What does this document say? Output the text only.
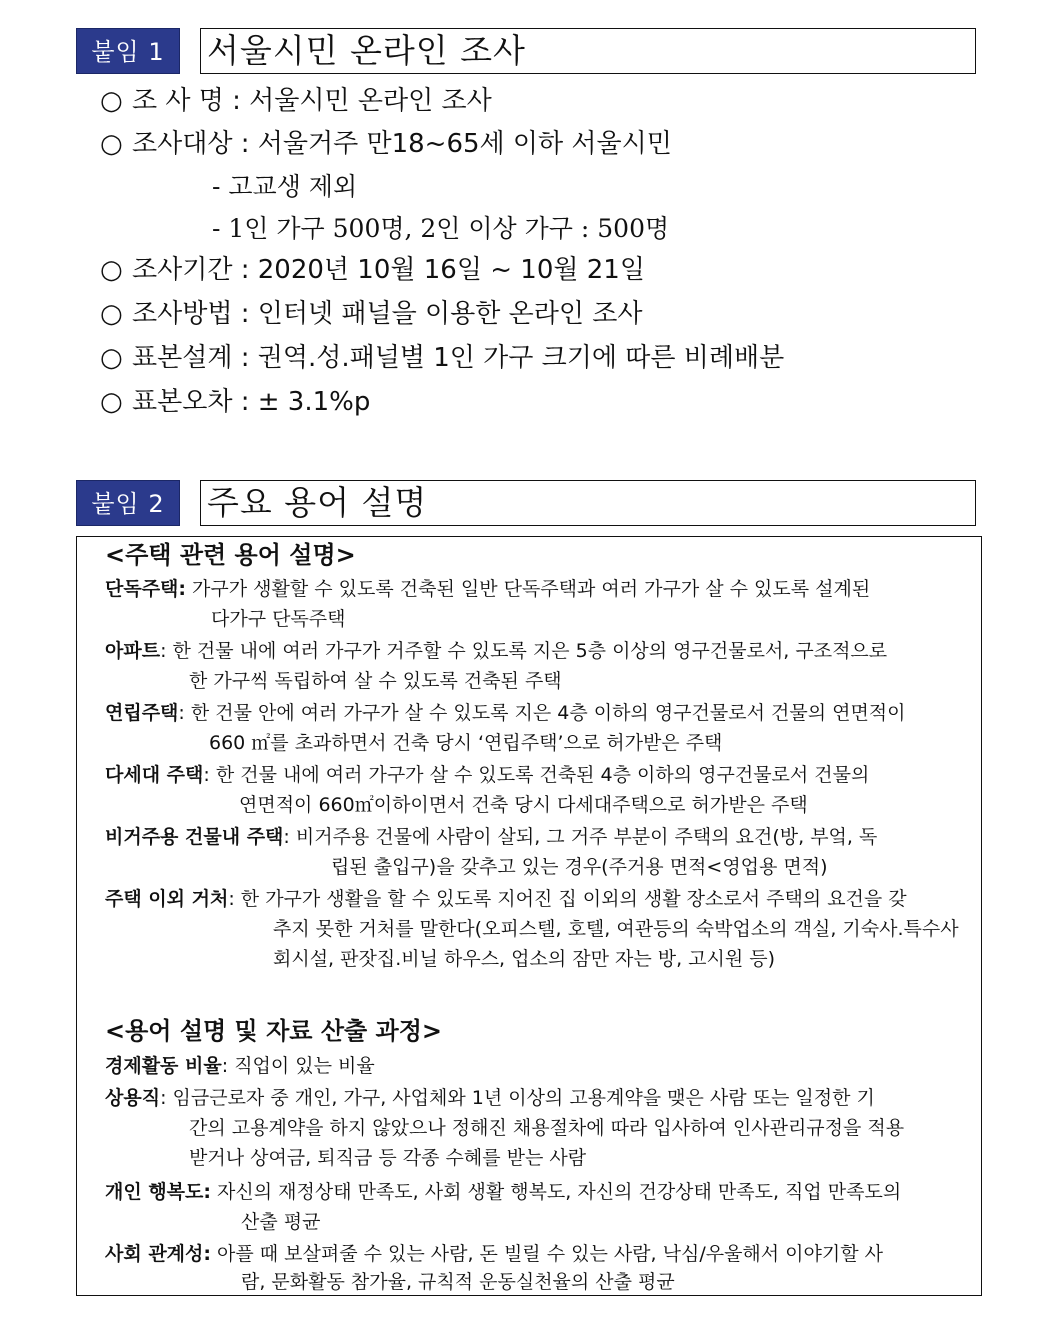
붙임 1	서울시민 온라인 조사
○ 조 사 명 : 서울시민 온라인 조사
○ 조사대상 : 서울거주 만18~65세 이하 서울시민
- 고교생 제외
- 1인 가구 500명, 2인 이상 가구 : 500명
○ 조사기간 : 2020년 10월 16일 ~ 10월 21일
○ 조사방법 : 인터넷 패널을 이용한 온라인 조사
○ 표본설계 : 권역.성.패널별 1인 가구 크기에 따른 비례배분
○ 표본오차 : ± 3.1%p
붙임 2	주요 용어 설명
<주택 관련 용어 설명>
단독주택: 가구가 생활할 수 있도록 건축된 일반 단독주택과 여러 가구가 살 수 있도록 설계된
다가구 단독주택
아파트: 한 건물 내에 여러 가구가 거주할 수 있도록 지은 5층 이상의 영구건물로서, 구조적으로
한 가구씩 독립하여 살 수 있도록 건축된 주택
연립주택: 한 건물 안에 여러 가구가 살 수 있도록 지은 4층 이하의 영구건물로서 건물의 연면적이
660 ㎡를 초과하면서 건축 당시 ‘연립주택’으로 허가받은 주택
다세대 주택: 한 건물 내에 여러 가구가 살 수 있도록 건축된 4층 이하의 영구건물로서 건물의
연면적이 660㎡이하이면서 건축 당시 다세대주택으로 허가받은 주택
비거주용 건물내 주택: 비거주용 건물에 사람이 살되, 그 거주 부분이 주택의 요건(방, 부엌, 독
립된 출입구)을 갖추고 있는 경우(주거용 면적<영업용 면적)
주택 이외 거처: 한 가구가 생활을 할 수 있도록 지어진 집 이외의 생활 장소로서 주택의 요건을 갖
추지 못한 거처를 말한다(오피스텔, 호텔, 여관등의 숙박업소의 객실, 기숙사.특수사
회시설, 판잣집.비닐 하우스, 업소의 잠만 자는 방, 고시원 등)
<용어 설명 및 자료 산출 과정>
경제활동 비율: 직업이 있는 비율
상용직: 임금근로자 중 개인, 가구, 사업체와 1년 이상의 고용계약을 맺은 사람 또는 일정한 기
간의 고용계약을 하지 않았으나 정해진 채용절차에 따라 입사하여 인사관리규정을 적용
받거나 상여금, 퇴직금 등 각종 수혜를 받는 사람
개인 행복도: 자신의 재정상태 만족도, 사회 생활 행복도, 자신의 건강상태 만족도, 직업 만족도의
산출 평균
사회 관계성: 아플 때 보살펴줄 수 있는 사람, 돈 빌릴 수 있는 사람, 낙심/우울해서 이야기할 사
람, 문화활동 참가율, 규칙적 운동실천율의 산출 평균
